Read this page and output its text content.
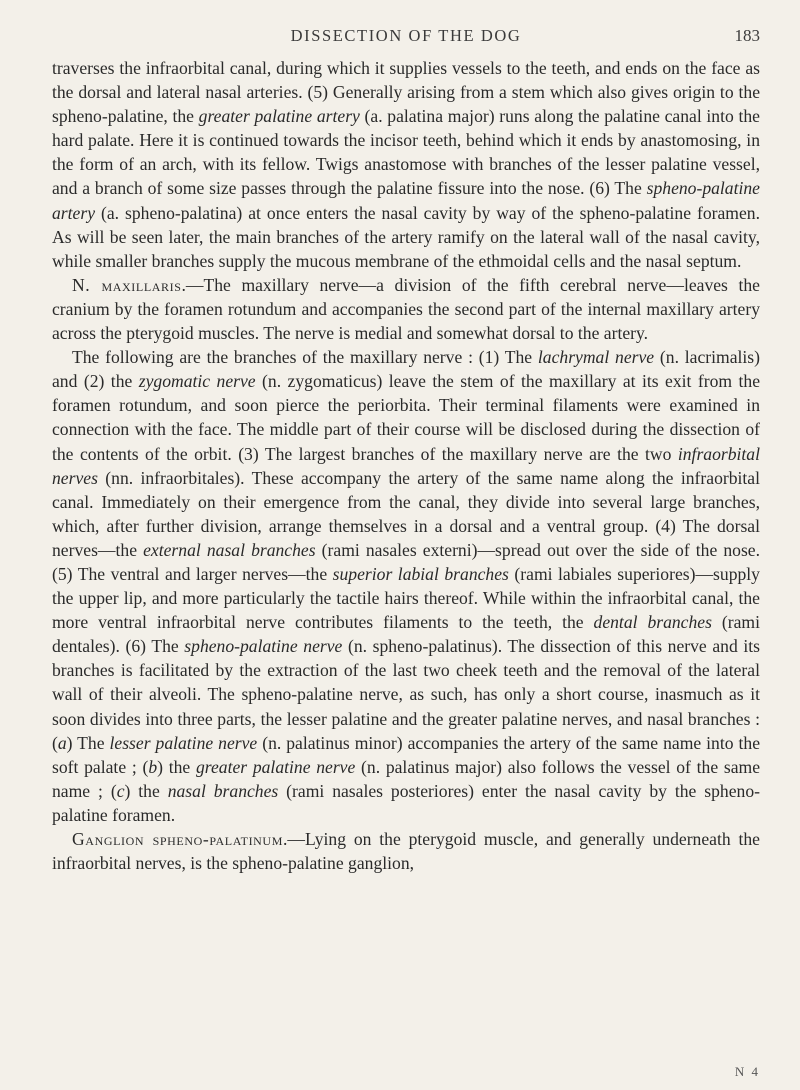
DISSECTION OF THE DOG	183

traverses the infraorbital canal, during which it supplies vessels to the teeth, and ends on the face as the dorsal and lateral nasal arteries. (5) Generally arising from a stem which also gives origin to the spheno-palatine, the greater palatine artery (a. palatina major) runs along the palatine canal into the hard palate. Here it is continued towards the incisor teeth, behind which it ends by anastomosing, in the form of an arch, with its fellow. Twigs anastomose with branches of the lesser palatine vessel, and a branch of some size passes through the palatine fissure into the nose. (6) The spheno-palatine artery (a. spheno-palatina) at once enters the nasal cavity by way of the spheno-palatine foramen. As will be seen later, the main branches of the artery ramify on the lateral wall of the nasal cavity, while smaller branches supply the mucous membrane of the ethmoidal cells and the nasal septum.

N. maxillaris.—The maxillary nerve—a division of the fifth cerebral nerve—leaves the cranium by the foramen rotundum and accompanies the second part of the internal maxillary artery across the pterygoid muscles. The nerve is medial and somewhat dorsal to the artery.

The following are the branches of the maxillary nerve : (1) The lachrymal nerve (n. lacrimalis) and (2) the zygomatic nerve (n. zygomaticus) leave the stem of the maxillary at its exit from the foramen rotundum, and soon pierce the periorbita. Their terminal filaments were examined in connection with the face. The middle part of their course will be disclosed during the dissection of the contents of the orbit. (3) The largest branches of the maxillary nerve are the two infraorbital nerves (nn. infraorbitales). These accompany the artery of the same name along the infraorbital canal. Immediately on their emergence from the canal, they divide into several large branches, which, after further division, arrange themselves in a dorsal and a ventral group. (4) The dorsal nerves—the external nasal branches (rami nasales externi)—spread out over the side of the nose. (5) The ventral and larger nerves—the superior labial branches (rami labiales superiores)—supply the upper lip, and more particularly the tactile hairs thereof. While within the infraorbital canal, the more ventral infraorbital nerve contributes filaments to the teeth, the dental branches (rami dentales). (6) The spheno-palatine nerve (n. spheno-palatinus). The dissection of this nerve and its branches is facilitated by the extraction of the last two cheek teeth and the removal of the lateral wall of their alveoli. The spheno-palatine nerve, as such, has only a short course, inasmuch as it soon divides into three parts, the lesser palatine and the greater palatine nerves, and nasal branches : (a) The lesser palatine nerve (n. palatinus minor) accompanies the artery of the same name into the soft palate ; (b) the greater palatine nerve (n. palatinus major) also follows the vessel of the same name ; (c) the nasal branches (rami nasales posteriores) enter the nasal cavity by the spheno-palatine foramen.

Ganglion spheno-palatinum.—Lying on the pterygoid muscle, and generally underneath the infraorbital nerves, is the spheno-palatine ganglion,

N 4
